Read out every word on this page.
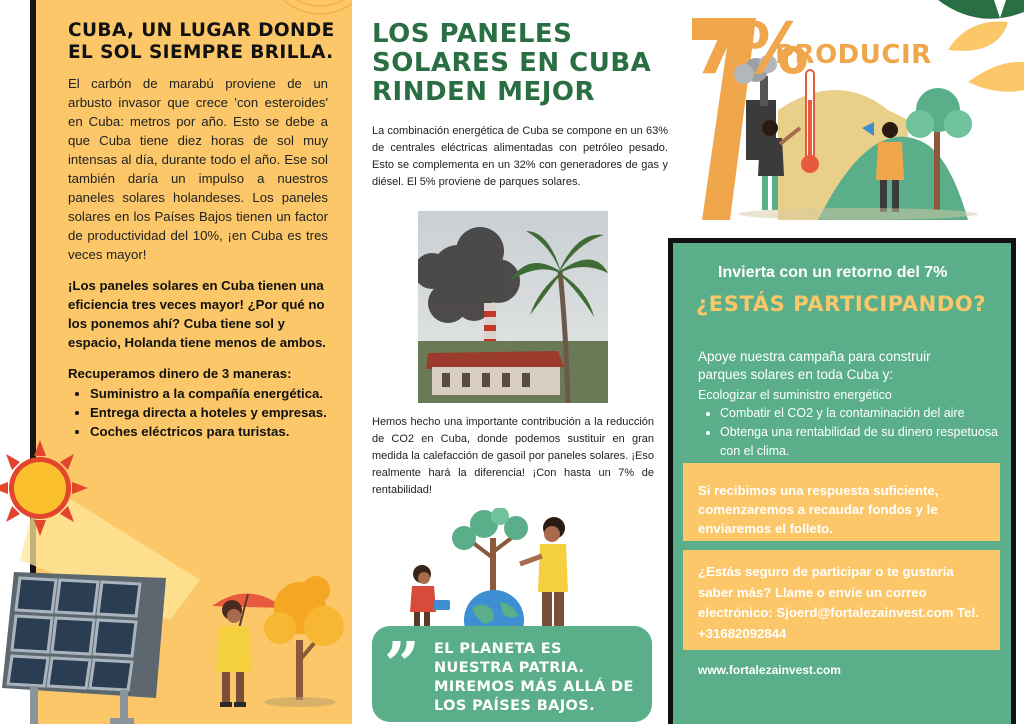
CUBA, UN LUGAR DONDE EL SOL SIEMPRE BRILLA.

El carbón de marabú proviene de un arbusto invasor que crece 'con esteroides' en Cuba: metros por año. Esto se debe a que Cuba tiene diez horas de sol muy intensas al día, durante todo el año. Ese sol también daría un impulso a nuestros paneles solares holandeses. Los paneles solares en los Países Bajos tienen un factor de productividad del 10%, ¡en Cuba es tres veces mayor!

¡Los paneles solares en Cuba tienen una eficiencia tres veces mayor! ¿Por qué no los ponemos ahí? Cuba tiene sol y espacio, Holanda tiene menos de ambos.

Recuperamos dinero de 3 maneras:

• Suministro a la compañía energética.
• Entrega directa a hoteles y empresas.
• Coches eléctricos para turistas.
LOS PANELES SOLARES EN CUBA RINDEN MEJOR

La combinación energética de Cuba se compone en un 63% de centrales eléctricas alimentadas con petróleo pesado. Esto se complementa en un 32% con generadores de gas y diésel. El 5% proviene de parques solares.

Hemos hecho una importante contribución a la reducción de CO2 en Cuba, donde podemos sustituir en gran medida la calefacción de gasoil por paneles solares. ¡Eso realmente hará la diferencia! ¡Con hasta un 7% de rentabilidad!

” EL PLANETA ES NUESTRA PATRIA. MIREMOS MÁS ALLÁ DE LOS PAÍSES BAJOS.

7%
PRODUCIR
Invierta con un retorno del 7%
¿ESTÁS PARTICIPANDO?

Apoye nuestra campaña para construir parques solares en toda Cuba y:

Ecologizar el suministro energético

• Combatir el CO2 y la contaminación del aire
• Obtenga una rentabilidad de su dinero respetuosa con el clima.

Si recibimos una respuesta suficiente, comenzaremos a recaudar fondos y le enviaremos el folleto.

¿Estás seguro de participar o te gustaría saber más? Llame o envíe un correo electrónico: Sjoerd@fortalezainvest.com Tel. +31682092844

www.fortalezainvest.com
